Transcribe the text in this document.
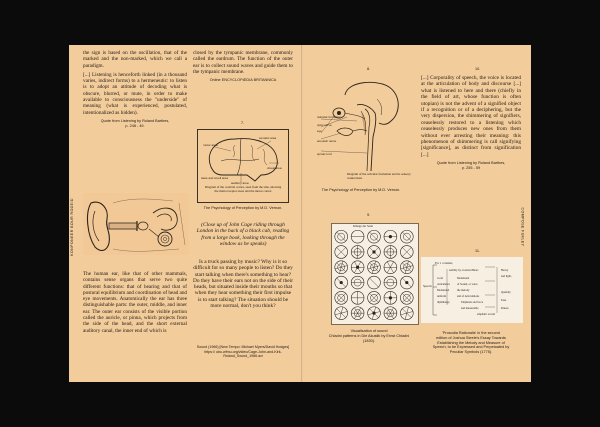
KONPONEER BOUR RODEID

the sign is based on the oscillation, that of the marked and the non-marked, which we call a paradigm.

[...] Listening is henceforth linked (in a thousand varies, indirect forms) to a hermeneutic: to listen is to adopt an attitude of decoding what is obscure, blurred, or mute, in order to make available to consciousness the "underside" of meaning (what is experienced, postulated, intentionalized as hidden).

Quote from Listening by Roland Barthes,
p. 248 - 49.

The human ear, like that of other mammals, contains sense organs that serve two quite different functions: that of hearing and that of postural equilibrium and coordination of head and eye movements. Anatomically the ear has three distinguishable parts: the outer, middle, and inner ear. The outer ear consists of the visible portion called the auricle, or pinna, which projects from the side of the head, and the short external auditory canal, the inner end of which is

closed by the tympanic membrane, commonly called the eardrum. The function of the outer ear is to collect sound waves and guide them to the tympanic membrane.

Online ENCYCLOPÆDIA BRITANNICA
7.
motor area
somatic area
visual area
auditory area
taste and smell area
Diagram of the cerebral cortex, seen from the side, showing the main receptor areas and the motor cortex
The Psychology of Perception by M.D. Vernon.
(Close up of John Cage riding through London in the back of a black cab, reading from a large book, looking through the window as he speaks)
Is a truck passing by music? Why is it so difficult for so many people to listen? Do they start talking when there's something to hear? Do they have their ears not on the side of their heads, but situated inside their mouths so that when they hear something their first impulse is to start talking? The situation should be more normal, don't you think?
Sound (1966) [New Tempo: Michael Myers/David Hodges] https:// ubu.wfmu.org/video/Cage-John-and-Kirk-Roland_Sound_1966.avi
COMPOSE FUKLEY
8.
reticular formation
optic nerve
eye
acoustic nerve
spinal cord
Diagram of the reticular formation and its sensory connections
The Psychology of Perception by M.D. Vernon.
9.
Klänge der Saite
Visualisation of sound
Chladni patterns in Die Akustik by Ernst Chladni
(1830).
10.

[...] Corporality of speech, the voice is located at the articulation of body and discourse [...] what is listened to here and there (chiefly in the field of art, whose function is often utopian) is not the advent of a signified object if a recognition or of a deciphering, but the very dispersion, the shimmering of signifiers, ceaselessly restored to a listening which ceaselessly produces new ones from them without ever arresting their meaning: this phenomenon of shimmering is call signifying [significance], as distinct from signification [...]

Quote from Listening by Roland Barthes,
p. 255 - 59
11.
For 1 consider,
Speech
audibly by accented Beats
vocal
Articulated
Modulated
uniform
diphthongs
Modulated
of Sound, or voice
the melody
and of Articulations
Emphasis and force
and measurable
emphatic accent
Heavy
and light,
Quantity
Ease
Pauses
'Prosodia Rationalis' in the second
edition of Joshua Steele's Essay Towards
Establishing the Melody and Measure of
Speech, to be Expressed and Perpetuated by
Peculiar Symbols (1775).
